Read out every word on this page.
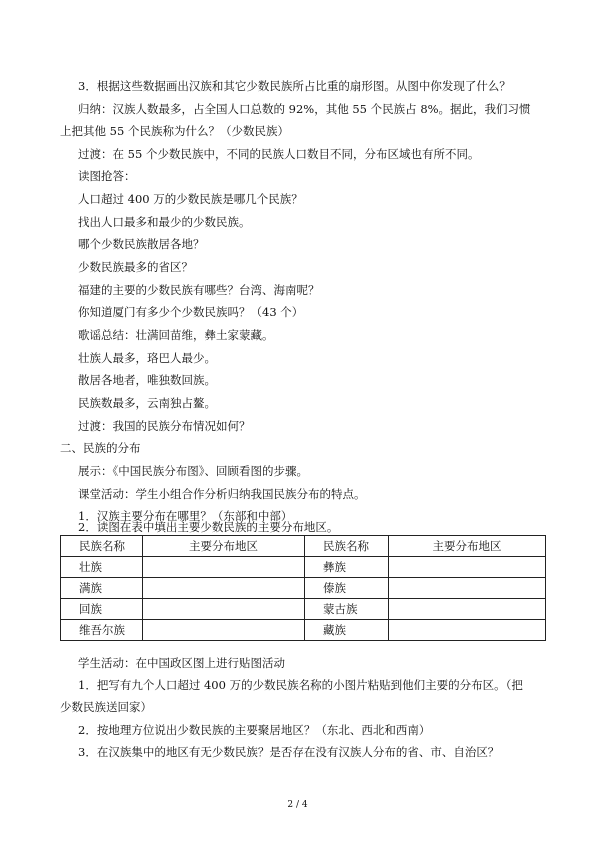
3．根据这些数据画出汉族和其它少数民族所占比重的扇形图。从图中你发现了什么？
归纳：汉族人数最多，占全国人口总数的 92%，其他 55 个民族占 8%。据此，我们习惯
上把其他 55 个民族称为什么？（少数民族）
过渡：在 55 个少数民族中，不同的民族人口数目不同，分布区域也有所不同。
读图抢答：
人口超过 400 万的少数民族是哪几个民族？
找出人口最多和最少的少数民族。
哪个少数民族散居各地？
少数民族最多的省区？
福建的主要的少数民族有哪些？台湾、海南呢？
你知道厦门有多少个少数民族吗？（43 个）
歌谣总结：壮满回苗维，彝土家蒙藏。
壮族人最多，珞巴人最少。
散居各地者，唯独数回族。
民族数最多，云南独占鳌。
过渡：我国的民族分布情况如何？
二、民族的分布
展示：《中国民族分布图》、回顾看图的步骤。
课堂活动：学生小组合作分析归纳我国民族分布的特点。
1．汉族主要分布在哪里？（东部和中部）
2．读图在表中填出主要少数民族的主要分布地区。
民族名称	主要分布地区	民族名称	主要分布地区
壮族		彝族	
满族		傣族	
回族		蒙古族	
维吾尔族		藏族	
学生活动：在中国政区图上进行贴图活动
1．把写有九个人口超过 400 万的少数民族名称的小图片粘贴到他们主要的分布区。（把
少数民族送回家）
2．按地理方位说出少数民族的主要聚居地区？（东北、西北和西南）
3．在汉族集中的地区有无少数民族？是否存在没有汉族人分布的省、市、自治区？
2 / 4
